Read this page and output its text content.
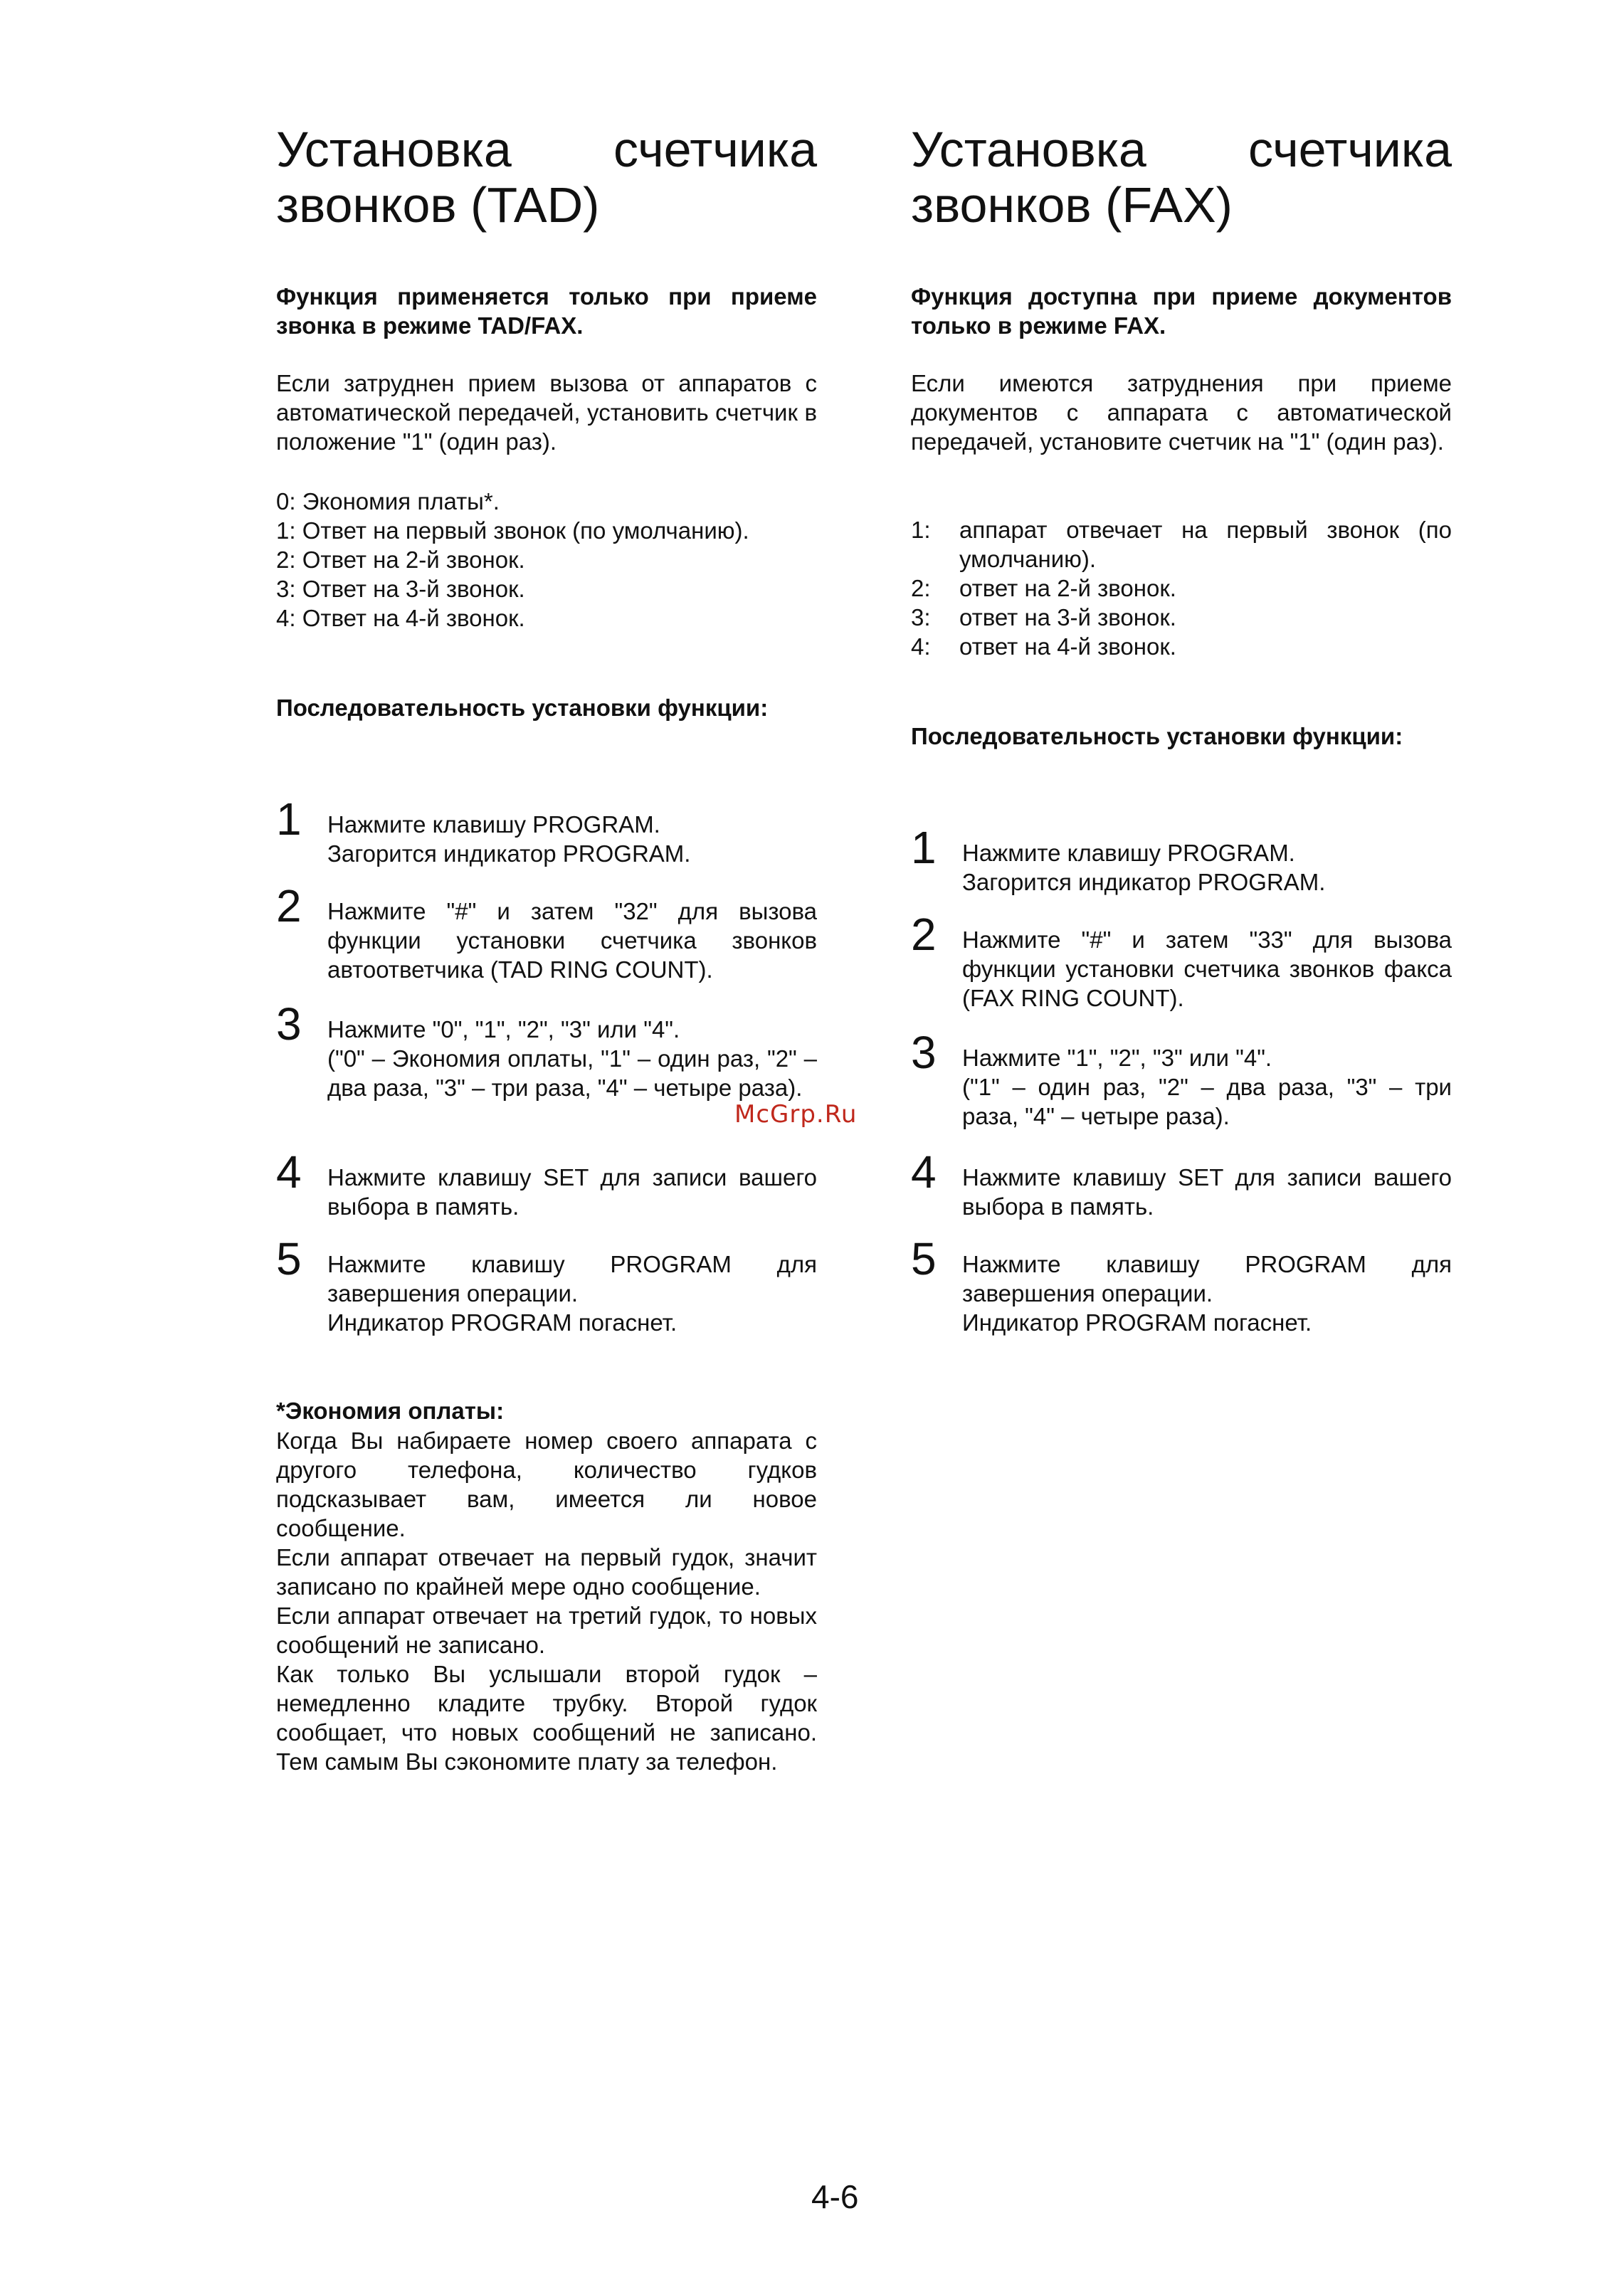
Установка счетчика
звонков (TAD)
Функция применяется только при приеме звонка в режиме TAD/FAX.
Если затруднен прием вызова от аппаратов с автоматической передачей, установить счетчик в положение "1" (один раз).
0: Экономия платы*.
1: Ответ на первый звонок (по умолчанию).
2: Ответ на 2-й звонок.
3: Ответ на 3-й звонок.
4: Ответ на 4-й звонок.
Последовательность установки функции:
1	Нажмите клавишу PROGRAM.
Загорится индикатор PROGRAM.
2	Нажмите "#" и затем "32" для вызова функции установки счетчика звонков автоответчика (TAD RING COUNT).
3	Нажмите "0", "1", "2", "3" или "4".
("0" – Экономия оплаты, "1" – один раз, "2" – два раза, "3" – три раза, "4" – четыре раза).
4	Нажмите клавишу SET для записи вашего выбора в память.
5	Нажмите клавишу PROGRAM для завершения операции.
Индикатор PROGRAM погаснет.
*Экономия оплаты:
Когда Вы набираете номер своего аппарата с другого телефона, количество гудков подсказывает вам, имеется ли новое сообщение.
Если аппарат отвечает на первый гудок, значит записано по крайней мере одно сообщение.
Если аппарат отвечает на третий гудок, то новых сообщений не записано.
Как только Вы услышали второй гудок – немедленно кладите трубку. Второй гудок сообщает, что новых сообщений не записано. Тем самым Вы сэкономите плату за телефон.
Установка счетчика
звонков (FAX)
Функция доступна при приеме документов только в режиме FAX.
Если имеются затруднения при приеме документов с аппарата с автоматической передачей, установите счетчик на "1" (один раз).
1: аппарат отвечает на первый звонок (по умолчанию).
2: ответ на 2-й звонок.
3: ответ на 3-й звонок.
4: ответ на 4-й звонок.
Последовательность установки функции:
1	Нажмите клавишу PROGRAM.
Загорится индикатор PROGRAM.
2	Нажмите "#" и затем "33" для вызова функции установки счетчика звонков факса (FAX RING COUNT).
3	Нажмите "1", "2", "3" или "4".
("1" – один раз, "2" – два раза, "3" – три раза, "4" – четыре раза).
4	Нажмите клавишу SET для записи вашего выбора в память.
5	Нажмите клавишу PROGRAM для завершения операции.
Индикатор PROGRAM погаснет.
McGrp.Ru
4-6
